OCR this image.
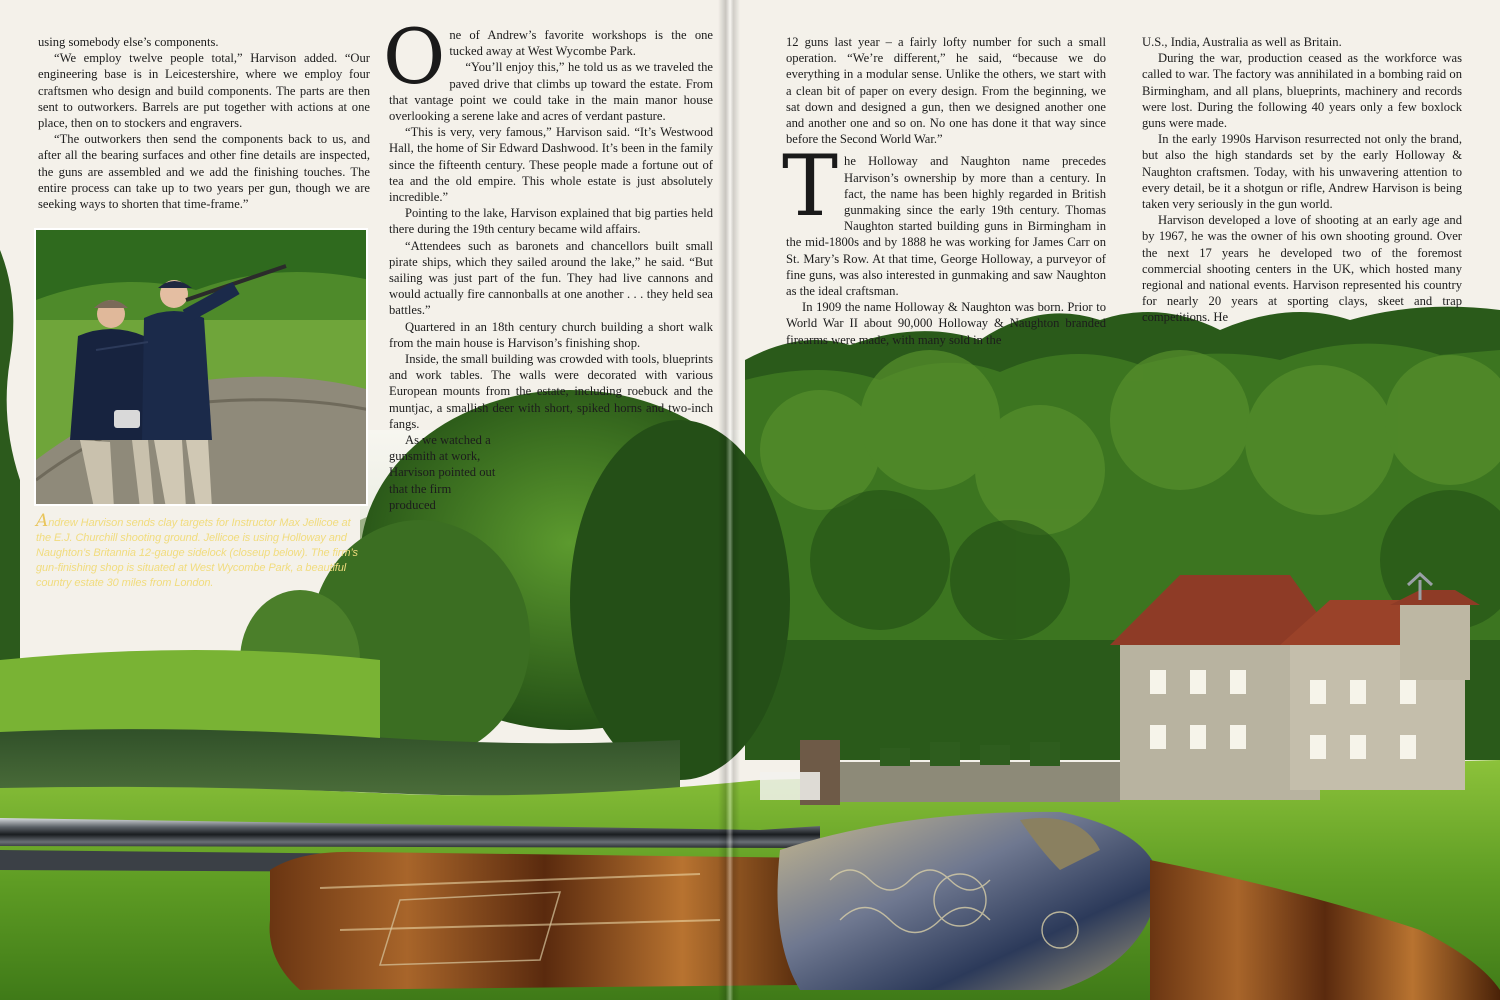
using somebody else’s components.

“We employ twelve people total,” Harvison added. “Our engineering base is in Leicestershire, where we employ four craftsmen who design and build components. The parts are then sent to outworkers. Barrels are put together with actions at one place, then on to stockers and engravers.

“The outworkers then send the components back to us, and after all the bearing surfaces and other fine details are inspected, the guns are assembled and we add the finishing touches. The entire process can take up to two years per gun, though we are seeking ways to shorten that time-frame.”

Andrew Harvison sends clay targets for Instructor Max Jellicoe at the E.J. Churchill shooting ground. Jellicoe is using Holloway and Naughton’s Britannia 12-gauge sidelock (closeup below). The firm’s gun-finishing shop is situated at West Wycombe Park, a beautiful country estate 30 miles from London.

One of Andrew’s favorite workshops is the one tucked away at West Wycombe Park.

“You’ll enjoy this,” he told us as we traveled the paved drive that climbs up toward the estate. From that vantage point we could take in the main manor house overlooking a serene lake and acres of verdant pasture.

“This is very, very famous,” Harvison said. “It’s Westwood Hall, the home of Sir Edward Dashwood. It’s been in the family since the fifteenth century. These people made a fortune out of tea and the old empire. This whole estate is just absolutely incredible.”

Pointing to the lake, Harvison explained that big parties held there during the 19th century became wild affairs.

“Attendees such as baronets and chancellors built small pirate ships, which they sailed around the lake,” he said. “But sailing was just part of the fun. They had live cannons and would actually fire cannonballs at one another . . . they held sea battles.”

Quartered in an 18th century church building a short walk from the main house is Harvison’s finishing shop.

Inside, the small building was crowded with tools, blueprints and work tables. The walls were decorated with various European mounts from the estate, including roebuck and the muntjac, a smallish deer with short, spiked horns and two-inch fangs.

As we watched a gunsmith at work, Harvison pointed out that the firm produced

12 guns last year – a fairly lofty number for such a small operation. “We’re different,” he said, “because we do everything in a modular sense. Unlike the others, we start with a clean bit of paper on every design. From the beginning, we sat down and designed a gun, then we designed another one and another one and so on. No one has done it that way since before the Second World War.”

The Holloway and Naughton name precedes Harvison’s ownership by more than a century. In fact, the name has been highly regarded in British gunmaking since the early 19th century. Thomas Naughton started building guns in Birmingham in the mid-1800s and by 1888 he was working for James Carr on St. Mary’s Row. At that time, George Holloway, a purveyor of fine guns, was also interested in gunmaking and saw Naughton as the ideal craftsman.

In 1909 the name Holloway & Naughton was born. Prior to World War II about 90,000 Holloway & Naughton branded firearms were made, with many sold in the

U.S., India, Australia as well as Britain.

During the war, production ceased as the workforce was called to war. The factory was annihilated in a bombing raid on Birmingham, and all plans, blueprints, machinery and records were lost. During the following 40 years only a few boxlock guns were made.

In the early 1990s Harvison resurrected not only the brand, but also the high standards set by the early Holloway & Naughton craftsmen. Today, with his unwavering attention to every detail, be it a shotgun or rifle, Andrew Harvison is being taken very seriously in the gun world.

Harvison developed a love of shooting at an early age and by 1967, he was the owner of his own shooting ground. Over the next 17 years he developed two of the foremost commercial shooting centers in the UK, which hosted many regional and national events. Harvison represented his country for nearly 20 years at sporting clays, skeet and trap competitions. He
